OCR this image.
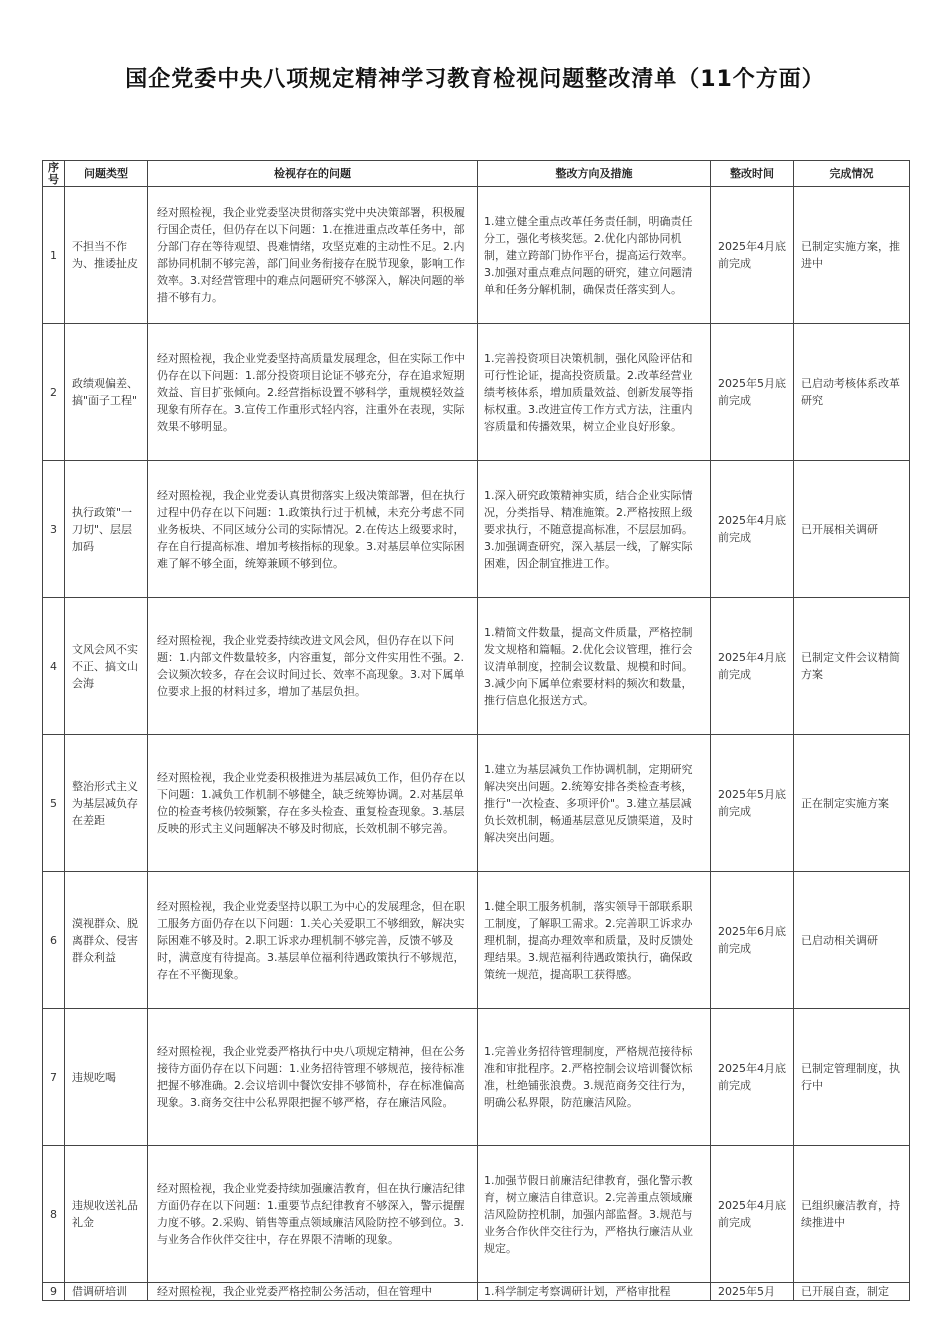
国企党委中央八项规定精神学习教育检视问题整改清单（11个方面）
序号	问题类型	检视存在的问题	整改方向及措施	整改时间	完成情况
1	不担当不作为、推诿扯皮	经对照检视，我企业党委坚决贯彻落实党中央决策部署，积极履行国企责任，但仍存在以下问题：1.在推进重点改革任务中，部分部门存在等待观望、畏难情绪，攻坚克难的主动性不足。2.内部协同机制不够完善，部门间业务衔接存在脱节现象，影响工作效率。3.对经营管理中的难点问题研究不够深入，解决问题的举措不够有力。	1.建立健全重点改革任务责任制，明确责任分工，强化考核奖惩。2.优化内部协同机制，建立跨部门协作平台，提高运行效率。3.加强对重点难点问题的研究，建立问题清单和任务分解机制，确保责任落实到人。	2025年4月底前完成	已制定实施方案，推进中
2	政绩观偏差、搞"面子工程"	经对照检视，我企业党委坚持高质量发展理念，但在实际工作中仍存在以下问题：1.部分投资项目论证不够充分，存在追求短期效益、盲目扩张倾向。2.经营指标设置不够科学，重规模轻效益现象有所存在。3.宣传工作重形式轻内容，注重外在表现，实际效果不够明显。	1.完善投资项目决策机制，强化风险评估和可行性论证，提高投资质量。2.改革经营业绩考核体系，增加质量效益、创新发展等指标权重。3.改进宣传工作方式方法，注重内容质量和传播效果，树立企业良好形象。	2025年5月底前完成	已启动考核体系改革研究
3	执行政策"一刀切"、层层加码	经对照检视，我企业党委认真贯彻落实上级决策部署，但在执行过程中仍存在以下问题：1.政策执行过于机械，未充分考虑不同业务板块、不同区域分公司的实际情况。2.在传达上级要求时，存在自行提高标准、增加考核指标的现象。3.对基层单位实际困难了解不够全面，统筹兼顾不够到位。	1.深入研究政策精神实质，结合企业实际情况，分类指导、精准施策。2.严格按照上级要求执行，不随意提高标准，不层层加码。3.加强调查研究，深入基层一线，了解实际困难，因企制宜推进工作。	2025年4月底前完成	已开展相关调研
4	文风会风不实不正、搞文山会海	经对照检视，我企业党委持续改进文风会风，但仍存在以下问题：1.内部文件数量较多，内容重复，部分文件实用性不强。2.会议频次较多，存在会议时间过长、效率不高现象。3.对下属单位要求上报的材料过多，增加了基层负担。	1.精简文件数量，提高文件质量，严格控制发文规格和篇幅。2.优化会议管理，推行会议清单制度，控制会议数量、规模和时间。3.减少向下属单位索要材料的频次和数量，推行信息化报送方式。	2025年4月底前完成	已制定文件会议精简方案
5	整治形式主义为基层减负存在差距	经对照检视，我企业党委积极推进为基层减负工作，但仍存在以下问题：1.减负工作机制不够健全，缺乏统筹协调。2.对基层单位的检查考核仍较频繁，存在多头检查、重复检查现象。3.基层反映的形式主义问题解决不够及时彻底，长效机制不够完善。	1.建立为基层减负工作协调机制，定期研究解决突出问题。2.统筹安排各类检查考核，推行"一次检查、多项评价"。3.建立基层减负长效机制，畅通基层意见反馈渠道，及时解决突出问题。	2025年5月底前完成	正在制定实施方案
6	漠视群众、脱离群众、侵害群众利益	经对照检视，我企业党委坚持以职工为中心的发展理念，但在职工服务方面仍存在以下问题：1.关心关爱职工不够细致，解决实际困难不够及时。2.职工诉求办理机制不够完善，反馈不够及时，满意度有待提高。3.基层单位福利待遇政策执行不够规范，存在不平衡现象。	1.健全职工服务机制，落实领导干部联系职工制度，了解职工需求。2.完善职工诉求办理机制，提高办理效率和质量，及时反馈处理结果。3.规范福利待遇政策执行，确保政策统一规范，提高职工获得感。	2025年6月底前完成	已启动相关调研
7	违规吃喝	经对照检视，我企业党委严格执行中央八项规定精神，但在公务接待方面仍存在以下问题：1.业务招待管理不够规范，接待标准把握不够准确。2.会议培训中餐饮安排不够简朴，存在标准偏高现象。3.商务交往中公私界限把握不够严格，存在廉洁风险。	1.完善业务招待管理制度，严格规范接待标准和审批程序。2.严格控制会议培训餐饮标准，杜绝铺张浪费。3.规范商务交往行为，明确公私界限，防范廉洁风险。	2025年4月底前完成	已制定管理制度，执行中
8	违规收送礼品礼金	经对照检视，我企业党委持续加强廉洁教育，但在执行廉洁纪律方面仍存在以下问题：1.重要节点纪律教育不够深入，警示提醒力度不够。2.采购、销售等重点领域廉洁风险防控不够到位。3.与业务合作伙伴交往中，存在界限不清晰的现象。	1.加强节假日前廉洁纪律教育，强化警示教育，树立廉洁自律意识。2.完善重点领域廉洁风险防控机制，加强内部监督。3.规范与业务合作伙伴交往行为，严格执行廉洁从业规定。	2025年4月底前完成	已组织廉洁教育，持续推进中
9	借调研培训	经对照检视，我企业党委严格控制公务活动，但在管理中	1.科学制定考察调研计划，严格审批程	2025年5月	已开展自查，制定
